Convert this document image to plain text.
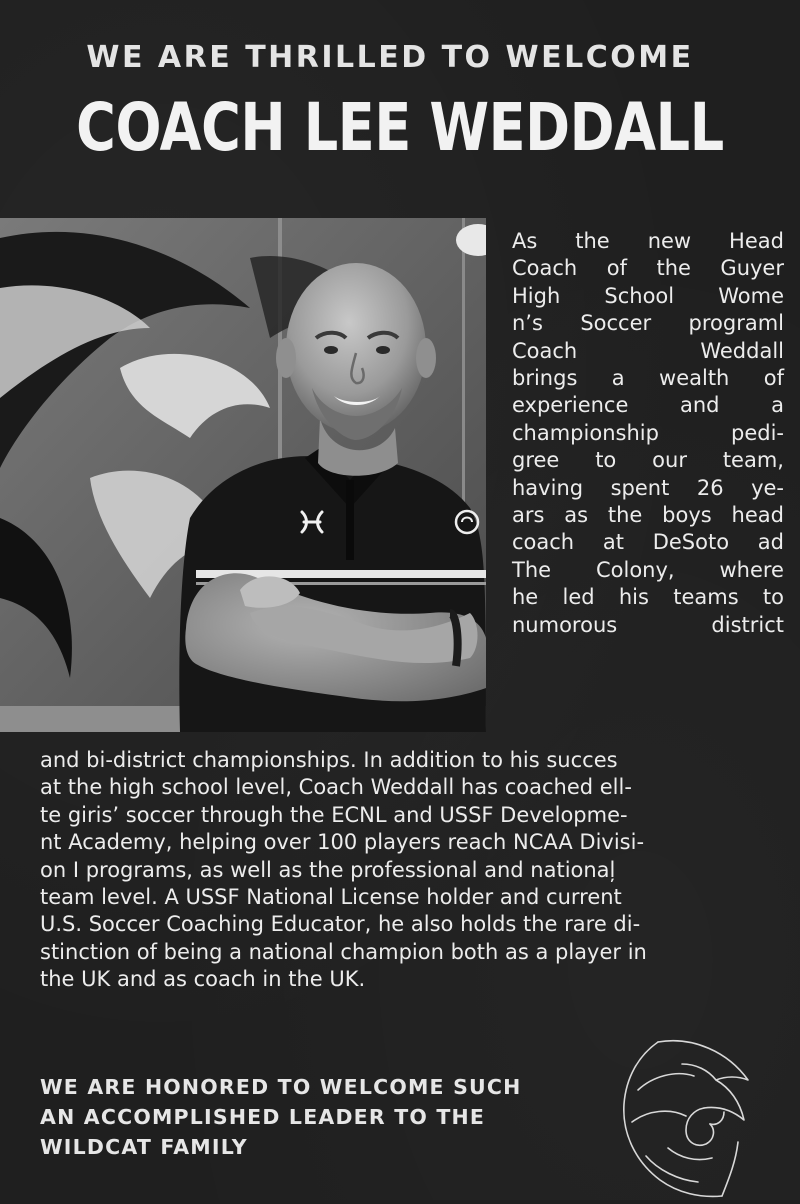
WE ARE THRILLED TO WELCOME
COACH LEE WEDDALL
As the new Head
Coach of the Guyer
High School Wome
n’s Soccer programl
Coach	Weddall
brings a wealth of
experience and a
championship	pedi-
gree to our team,
having spent 26 ye-
ars as the boys head
coach at DeSoto ad
The Colony, where
he led his teams to
numorous	district
and bi-district championships. In addition to his succes
at the high school level, Coach Weddall has coached ell-
te giris’ soccer through the ECNL and USSF Developme-
nt Academy, helping over 100 players reach NCAA Divisi-
on I programs, as well as the professional and nationaļ
team level. A USSF National License holder and current
U.S. Soccer Coaching Educator, he also holds the rare di-
stinction of being a national champion both as a player in
the UK and as coach in the UK.
WE ARE HONORED TO WELCOME SUCH
AN ACCOMPLISHED LEADER TO THE
WILDCAT FAMILY
